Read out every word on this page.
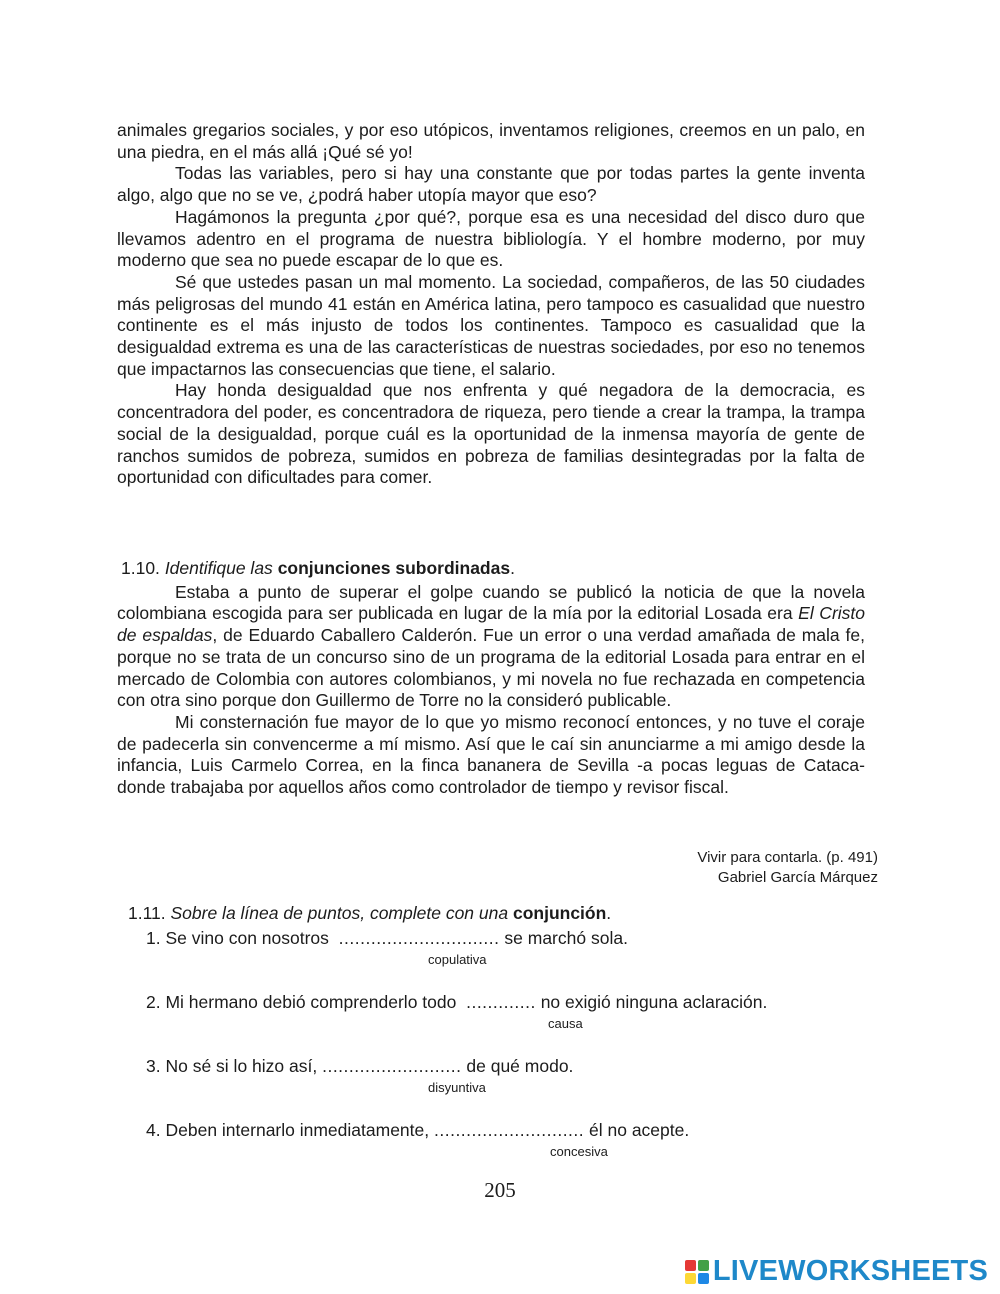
animales gregarios sociales, y por eso utópicos, inventamos religiones, creemos en un palo, en una piedra, en el más allá ¡Qué sé yo!

Todas las variables, pero si hay una constante que por todas partes la gente inventa algo, algo que no se ve, ¿podrá haber utopía mayor que eso?

Hagámonos la pregunta ¿por qué?, porque esa es una necesidad del disco duro que llevamos adentro en el programa de nuestra bibliología. Y el hombre moderno, por muy moderno que sea no puede escapar de lo que es.

Sé que ustedes pasan un mal momento. La sociedad, compañeros, de las 50 ciudades más peligrosas del mundo 41 están en América latina, pero tampoco es casualidad que nuestro continente es el más injusto de todos los continentes. Tampoco es casualidad que la desigualdad extrema es una de las características de nuestras sociedades, por eso no tenemos que impactarnos las consecuencias que tiene, el salario.

Hay honda desigualdad que nos enfrenta y qué negadora de la democracia, es concentradora del poder, es concentradora de riqueza, pero tiende a crear la trampa, la trampa social de la desigualdad, porque cuál es la oportunidad de la inmensa mayoría de gente de ranchos sumidos de pobreza, sumidos en pobreza de familias desintegradas por la falta de oportunidad con dificultades para comer.

1.10. Identifique las conjunciones subordinadas.

Estaba a punto de superar el golpe cuando se publicó la noticia de que la novela colombiana escogida para ser publicada en lugar de la mía por la editorial Losada era El Cristo de espaldas, de Eduardo Caballero Calderón. Fue un error o una verdad amañada de mala fe, porque no se trata de un concurso sino de un programa de la editorial Losada para entrar en el mercado de Colombia con autores colombianos, y mi novela no fue rechazada en competencia con otra sino porque don Guillermo de Torre no la consideró publicable.

Mi consternación fue mayor de lo que yo mismo reconocí entonces, y no tuve el coraje de padecerla sin convencerme a mí mismo. Así que le caí sin anunciarme a mi amigo desde la infancia, Luis Carmelo Correa, en la finca bananera de Sevilla -a pocas leguas de Cataca- donde trabajaba por aquellos años como controlador de tiempo y revisor fiscal.

Vivir para contarla. (p. 491)
Gabriel García Márquez

1.11. Sobre la línea de puntos, complete con una conjunción.

1. Se vino con nosotros .............................. se marchó sola.
copulativa
2. Mi hermano debió comprenderlo todo ............. no exigió ninguna aclaración.
causa
3. No sé si lo hizo así, .......................... de qué modo.
disyuntiva
4. Deben internarlo inmediatamente, ............................ él no acepte.
concesiva
205
LIVEWORKSHEETS
